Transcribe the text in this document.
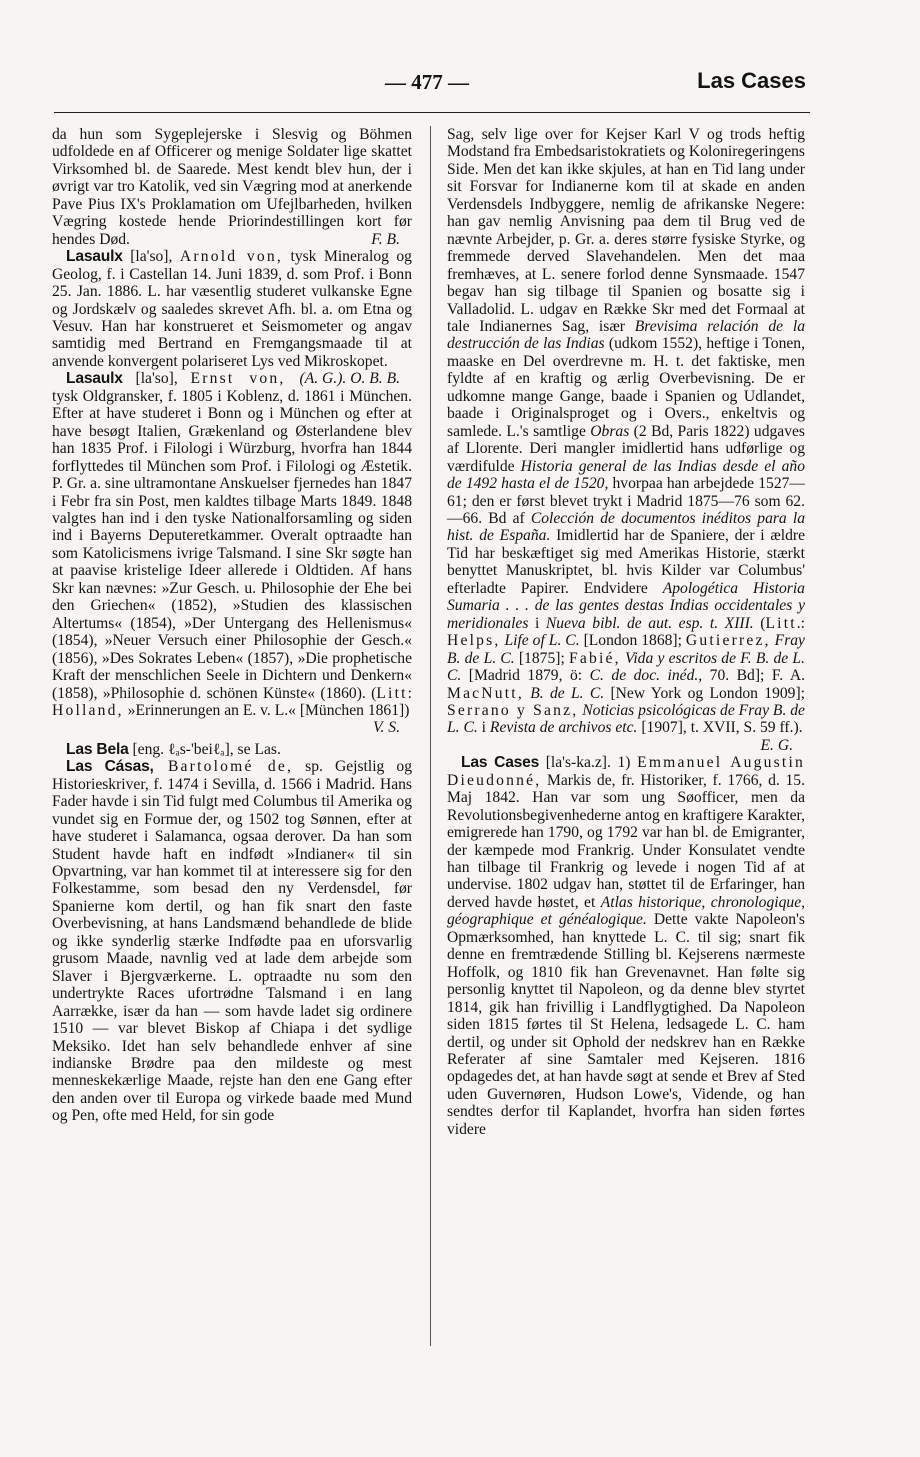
— 477 —	Las Cases

da hun som Sygeplejerske i Slesvig og Böhmen udfoldede en af Officerer og menige Soldater lige skattet Virksomhed bl. de Saarede. Mest kendt blev hun, der i øvrigt var tro Katolik, ved sin Vægring mod at anerkende Pave Pius IX's Proklamation om Ufejlbarheden, hvilken Vægring kostede hende Priorindestillingen kort før hendes Død.	F. B.

Lasaulx [la'so], Arnold von, tysk Mineralog og Geolog, f. i Castellan 14. Juni 1839, d. som Prof. i Bonn 25. Jan. 1886. L. har væsentlig studeret vulkanske Egne og Jordskælv og saaledes skrevet Afh. bl. a. om Etna og Vesuv. Han har konstrueret et Seismometer og angav samtidig med Bertrand en Fremgangsmaade til at anvende konvergent polariseret Lys ved Mikroskopet.
(A. G.). O. B. B.

Lasaulx [la'so], Ernst von, tysk Oldgransker, f. 1805 i Koblenz, d. 1861 i München. Efter at have studeret i Bonn og i München og efter at have besøgt Italien, Grækenland og Østerlandene blev han 1835 Prof. i Filologi i Würzburg, hvorfra han 1844 forflyttedes til München som Prof. i Filologi og Æstetik. P. Gr. a. sine ultramontane Anskuelser fjernedes han 1847 i Febr fra sin Post, men kaldtes tilbage Marts 1849. 1848 valgtes han ind i den tyske Nationalforsamling og siden ind i Bayerns Deputeretkammer. Overalt optraadte han som Katolicismens ivrige Talsmand. I sine Skr søgte han at paavise kristelige Ideer allerede i Oldtiden. Af hans Skr kan nævnes: »Zur Gesch. u. Philosophie der Ehe bei den Griechen« (1852), »Studien des klassischen Altertums« (1854), »Der Untergang des Hellenismus« (1854), »Neuer Versuch einer Philosophie der Gesch.« (1856), »Des Sokrates Leben« (1857), »Die prophetische Kraft der menschlichen Seele in Dichtern und Denkern« (1858), »Philosophie d. schönen Künste« (1860). (Litt: Holland, »Erinnerungen an E. v. L.« [München 1861])
V. S.

Las Bela [eng. ℓₐs-'beiℓₐ], se Las.

Las Cásas, Bartolomé de, sp. Gejstlig og Historieskriver, f. 1474 i Sevilla, d. 1566 i Madrid. Hans Fader havde i sin Tid fulgt med Columbus til Amerika og vundet sig en Formue der, og 1502 tog Sønnen, efter at have studeret i Salamanca, ogsaa derover. Da han som Student havde haft en indfødt »Indianer« til sin Opvartning, var han kommet til at interessere sig for den Folkestamme, som besad den ny Verdensdel, før Spanierne kom dertil, og han fik snart den faste Overbevisning, at hans Landsmænd behandlede de blide og ikke synderlig stærke Indfødte paa en uforsvarlig grusom Maade, navnlig ved at lade dem arbejde som Slaver i Bjergværkerne. L. optraadte nu som den undertrykte Races ufortrødne Talsmand i en lang Aarrække, især da han — som havde ladet sig ordinere 1510 — var blevet Biskop af Chiapa i det sydlige Meksiko. Idet han selv behandlede enhver af sine indianske Brødre paa den mildeste og mest menneskekærlige Maade, rejste han den ene Gang efter den anden over til Europa og virkede baade med Mund og Pen, ofte med Held, for sin gode

Sag, selv lige over for Kejser Karl V og trods heftig Modstand fra Embedsaristokratiets og Koloniregeringens Side. Men det kan ikke skjules, at han en Tid lang under sit Forsvar for Indianerne kom til at skade en anden Verdensdels Indbyggere, nemlig de afrikanske Negere: han gav nemlig Anvisning paa dem til Brug ved de nævnte Arbejder, p. Gr. a. deres større fysiske Styrke, og fremmede derved Slavehandelen. Men det maa fremhæves, at L. senere forlod denne Synsmaade. 1547 begav han sig tilbage til Spanien og bosatte sig i Valladolid. L. udgav en Række Skr med det Formaal at tale Indianernes Sag, især Brevisima relación de la destrucción de las Indias (udkom 1552), heftige i Tonen, maaske en Del overdrevne m. H. t. det faktiske, men fyldte af en kraftig og ærlig Overbevisning. De er udkomne mange Gange, baade i Spanien og Udlandet, baade i Originalsproget og i Overs., enkeltvis og samlede. L.'s samtlige Obras (2 Bd, Paris 1822) udgaves af Llorente. Deri mangler imidlertid hans udførlige og værdifulde Historia general de las Indias desde el año de 1492 hasta el de 1520, hvorpaa han arbejdede 1527—61; den er først blevet trykt i Madrid 1875—76 som 62.—66. Bd af Colección de documentos inéditos para la hist. de España. Imidlertid har de Spaniere, der i ældre Tid har beskæftiget sig med Amerikas Historie, stærkt benyttet Manuskriptet, bl. hvis Kilder var Columbus' efterladte Papirer. Endvidere Apologética Historia Sumaria . . . de las gentes destas Indias occidentales y meridionales i Nueva bibl. de aut. esp. t. XIII. (Litt.: Helps, Life of L. C. [London 1868]; Gutierrez, Fray B. de L. C. [1875]; Fabié, Vida y escritos de F. B. de L. C. [Madrid 1879, ö: C. de doc. inéd., 70. Bd]; F. A. MacNutt, B. de L. C. [New York og London 1909]; Serrano y Sanz, Noticias psicológicas de Fray B. de L. C. i Revista de archivos etc. [1907], t. XVII, S. 59 ff.).
E. G.

Las Cases [la's-ka.z]. 1) Emmanuel Augustin Dieudonné, Markis de, fr. Historiker, f. 1766, d. 15. Maj 1842. Han var som ung Søofficer, men da Revolutionsbegivenhederne antog en kraftigere Karakter, emigrerede han 1790, og 1792 var han bl. de Emigranter, der kæmpede mod Frankrig. Under Konsulatet vendte han tilbage til Frankrig og levede i nogen Tid af at undervise. 1802 udgav han, støttet til de Erfaringer, han derved havde høstet, et Atlas historique, chronologique, géographique et généalogique. Dette vakte Napoleon's Opmærksomhed, han knyttede L. C. til sig; snart fik denne en fremtrædende Stilling bl. Kejserens nærmeste Hoffolk, og 1810 fik han Grevenavnet. Han følte sig personlig knyttet til Napoleon, og da denne blev styrtet 1814, gik han frivillig i Landflygtighed. Da Napoleon siden 1815 førtes til St Helena, ledsagede L. C. ham dertil, og under sit Ophold der nedskrev han en Række Referater af sine Samtaler med Kejseren. 1816 opdagedes det, at han havde søgt at sende et Brev af Sted uden Guvernøren, Hudson Lowe's, Vidende, og han sendtes derfor til Kaplandet, hvorfra han siden førtes videre
